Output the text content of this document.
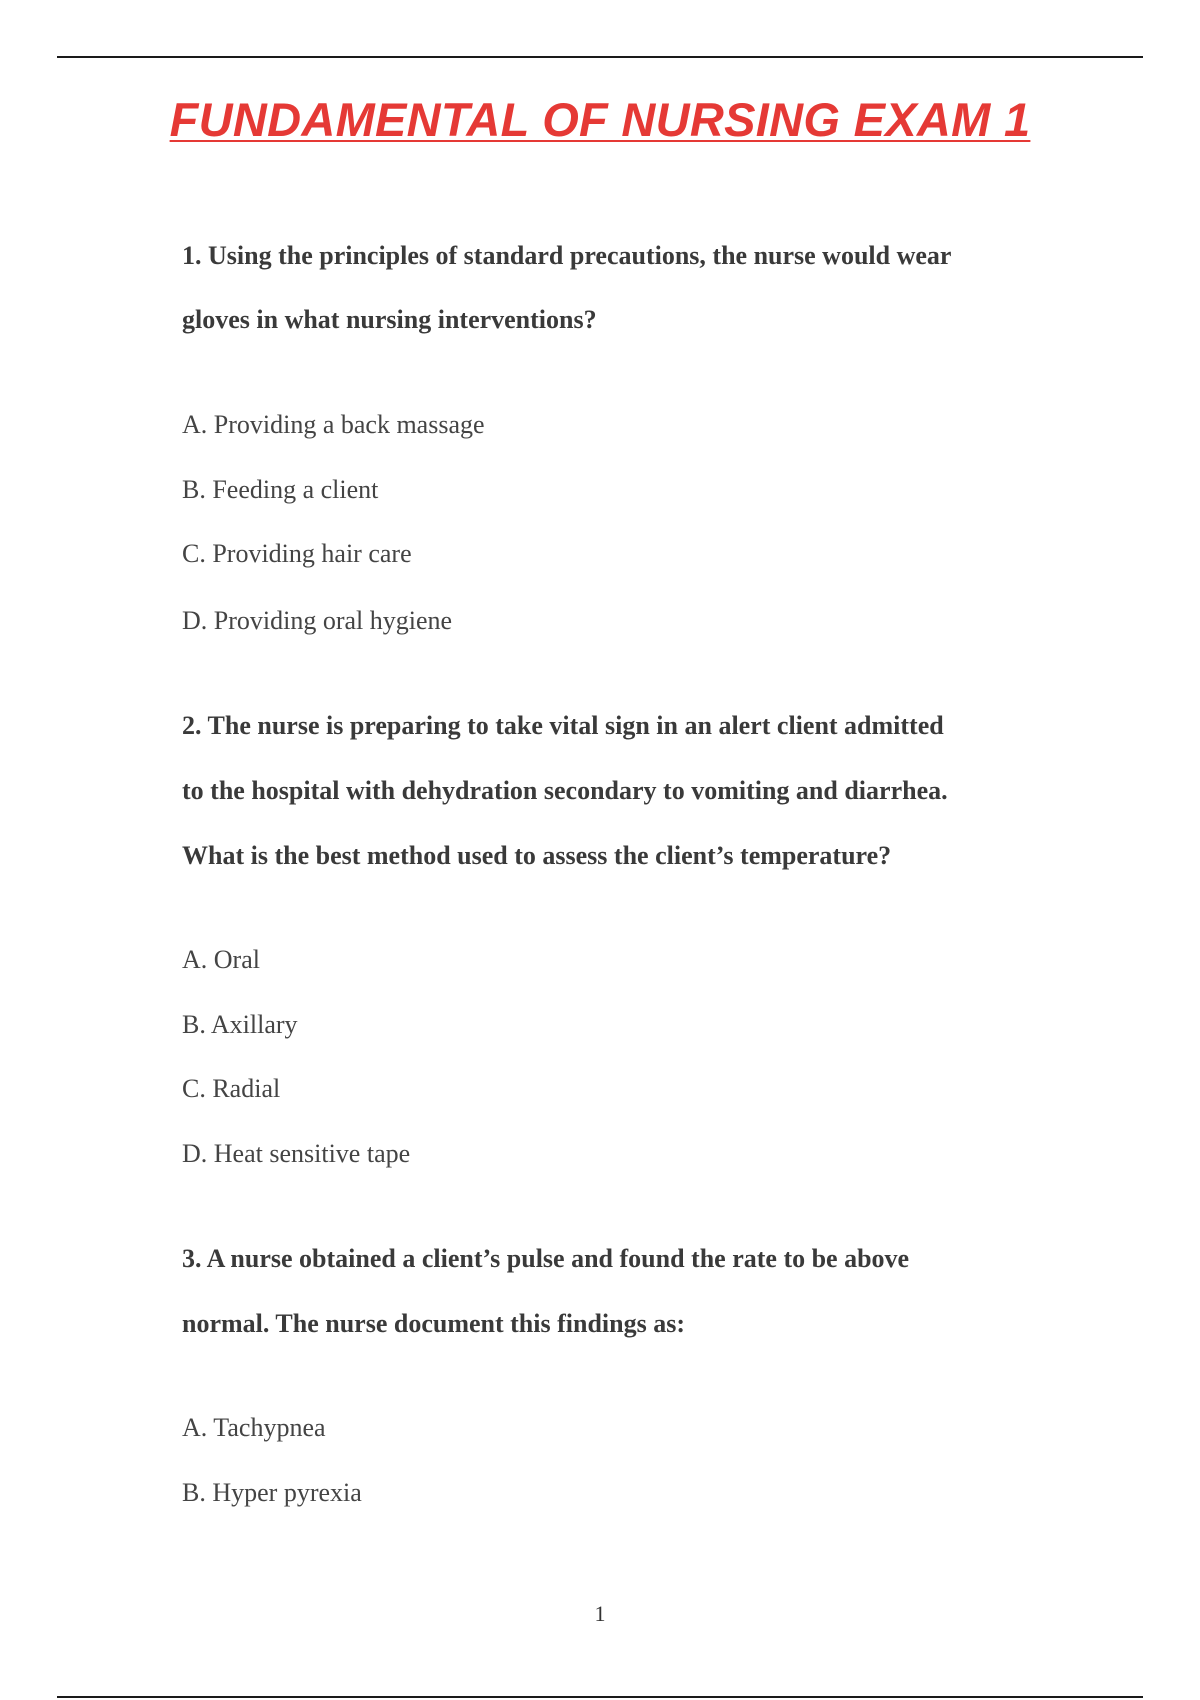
FUNDAMENTAL OF NURSING EXAM 1
1. Using the principles of standard precautions, the nurse would wear
gloves in what nursing interventions?
A. Providing a back massage
B. Feeding a client
C. Providing hair care
D. Providing oral hygiene
2. The nurse is preparing to take vital sign in an alert client admitted
to the hospital with dehydration secondary to vomiting and diarrhea.
What is the best method used to assess the client’s temperature?
A. Oral
B. Axillary
C. Radial
D. Heat sensitive tape
3. A nurse obtained a client’s pulse and found the rate to be above
normal. The nurse document this findings as:
A. Tachypnea
B. Hyper pyrexia
1
